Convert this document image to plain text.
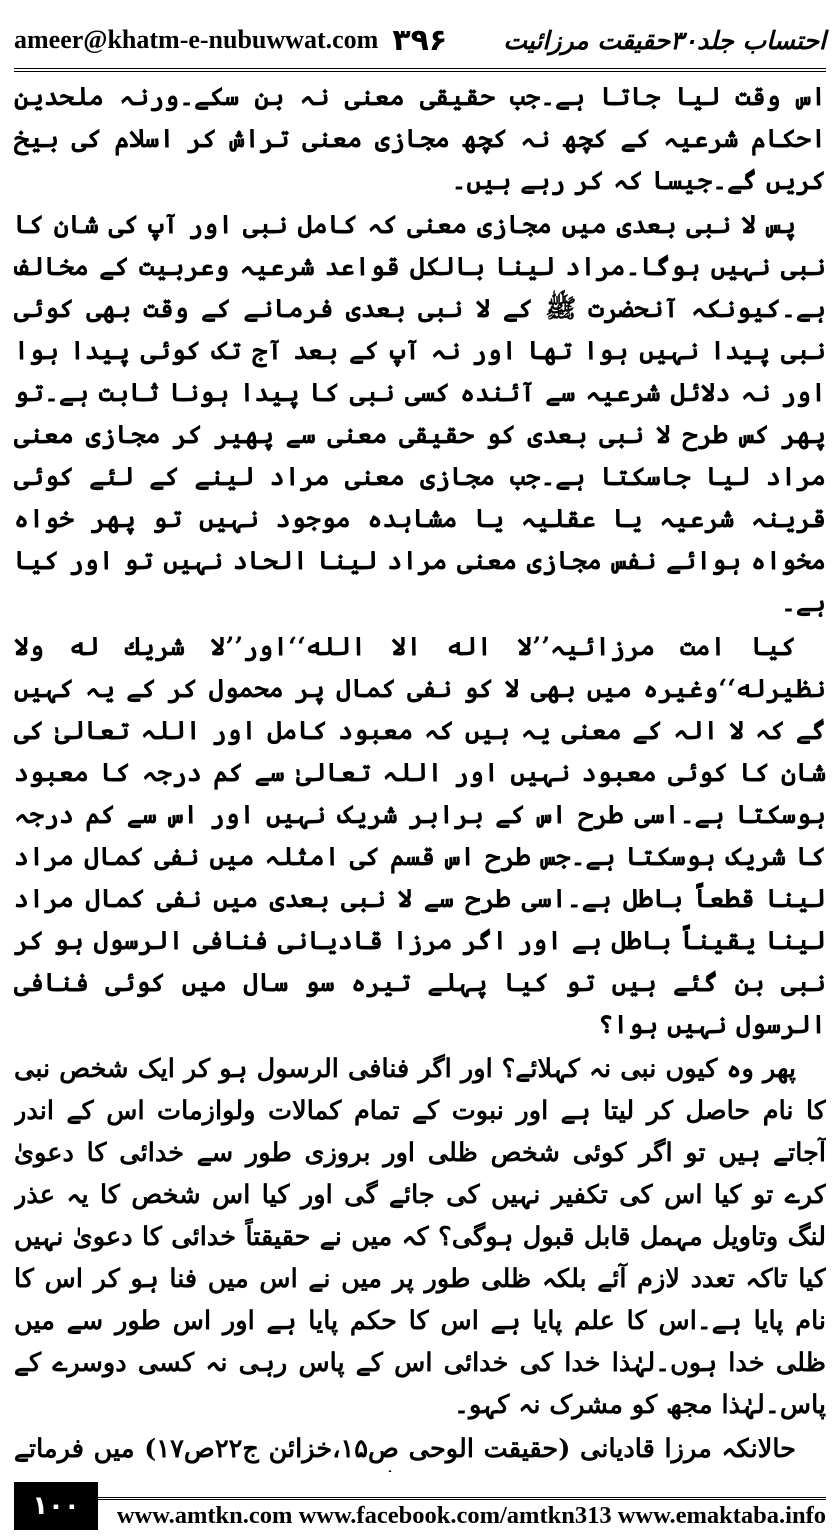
ameer@khatm-e-nubuwwat.com ۳۹۶ احتساب جلد۳۰حقیقت مرزائیت

اس وقت لیا جاتا ہے۔جب حقیقی معنی نہ بن سکے۔ورنہ ملحدین احکام شرعیہ کے کچھ نہ کچھ مجازی معنی تراش کر اسلام کی بیخ کریں گے۔جیسا کہ کر رہے ہیں۔

پس لا نبی بعدی میں مجازی معنی کہ کامل نبی اور آپ کی شان کا نبی نہیں ہوگا۔مراد لینا بالکل قواعد شرعیہ وعربیت کے مخالف ہے۔کیونکہ آنحضرت ﷺ کے لا نبی بعدی فرمانے کے وقت بھی کوئی نبی پیدا نہیں ہوا تھا اور نہ آپ کے بعد آج تک کوئی پیدا ہوا اور نہ دلائل شرعیہ سے آئندہ کسی نبی کا پیدا ہونا ثابت ہے۔تو پھر کس طرح لا نبی بعدی کو حقیقی معنی سے پھیر کر مجازی معنی مراد لیا جاسکتا ہے۔جب مجازی معنی مراد لینے کے لئے کوئی قرینہ شرعیہ یا عقلیہ یا مشاہدہ موجود نہیں تو پھر خواہ مخواہ ہوائے نفس مجازی معنی مراد لینا الحاد نہیں تو اور کیا ہے۔

کیا امت مرزائیہ’’لا اله الا الله‘‘اور’’لا شريك له ولا نظيرله‘‘وغیرہ میں بھی لا کو نفی کمال پر محمول کر کے یہ کہیں گے کہ لا الہ کے معنی یہ ہیں کہ معبود کامل اور اللہ تعالیٰ کی شان کا کوئی معبود نہیں اور اللہ تعالیٰ سے کم درجہ کا معبود ہوسکتا ہے۔اسی طرح اس کے برابر شریک نہیں اور اس سے کم درجہ کا شریک ہوسکتا ہے۔جس طرح اس قسم کی امثلہ میں نفی کمال مراد لینا قطعاً باطل ہے۔اسی طرح سے لا نبی بعدی میں نفی کمال مراد لینا یقیناً باطل ہے اور اگر مرزا قادیانی فنافی الرسول ہو کر نبی بن گئے ہیں تو کیا پہلے تیرہ سو سال میں کوئی فنافی الرسول نہیں ہوا؟

پھر وہ کیوں نبی نہ کہلائے؟ اور اگر فنافی الرسول ہو کر ایک شخص نبی کا نام حاصل کر لیتا ہے اور نبوت کے تمام کمالات ولوازمات اس کے اندر آجاتے ہیں تو اگر کوئی شخص ظلی اور بروزی طور سے خدائی کا دعویٰ کرے تو کیا اس کی تکفیر نہیں کی جائے گی اور کیا اس شخص کا یہ عذر لنگ وتاویل مہمل قابل قبول ہوگی؟ کہ میں نے حقیقتاً خدائی کا دعویٰ نہیں کیا تاکہ تعدد لازم آئے بلکہ ظلی طور پر میں نے اس میں فنا ہو کر اس کا نام پایا ہے۔اس کا علم پایا ہے اس کا حکم پایا ہے اور اس طور سے میں ظلی خدا ہوں۔لہٰذا خدا کی خدائی اس کے پاس رہی نہ کسی دوسرے کے پاس۔لہٰذا مجھ کو مشرک نہ کہو۔

حالانکہ مرزا قادیانی (حقیقت الوحی ص۱۵،خزائن ج۲۲ص۱۷) میں فرماتے

۱۰۰	www.amtkn.com www.facebook.com/amtkn313 www.emaktaba.info
